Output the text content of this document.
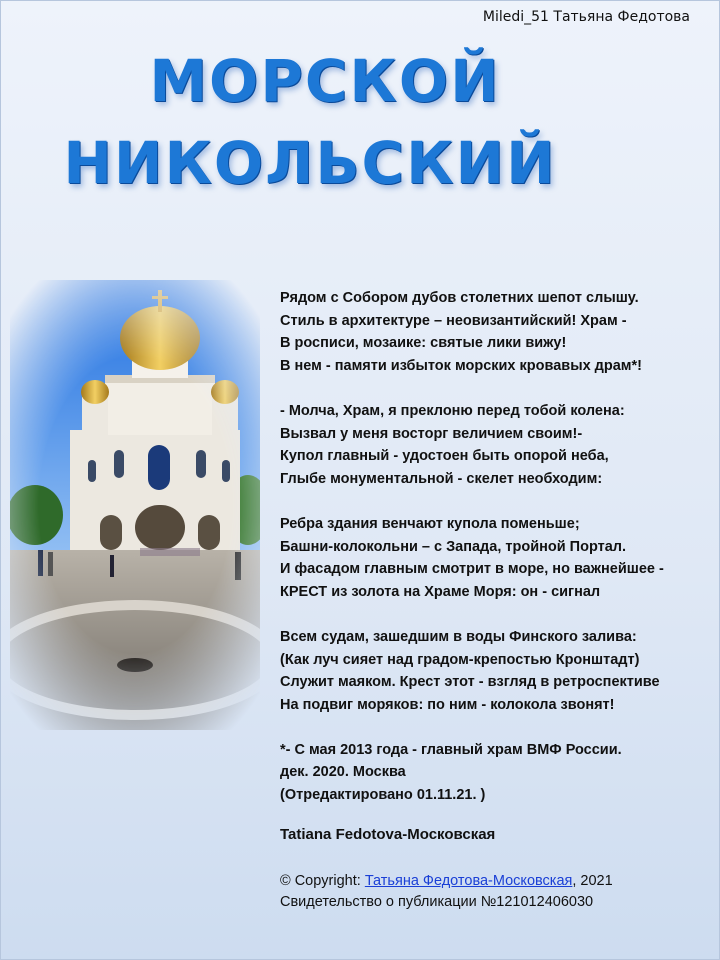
Miledi_51 Татьяна Федотова
МОРСКОЙ
НИКОЛЬСКИЙ
Рядом с Собором дубов столетних шепот слышу.
Стиль в архитектуре – неовизантийский! Храм -
В росписи, мозаике: святые лики вижу!
В нем - памяти избыток морских кровавых драм*!
- Молча, Храм, я преклоню перед тобой колена:
Вызвал у меня восторг величием своим!-
Купол главный - удостоен быть опорой неба,
Глыбе монументальной - скелет необходим:
Ребра здания венчают купола поменьше;
Башни-колокольни – с Запада, тройной Портал.
И фасадом главным смотрит в море, но важнейшее -
КРЕСТ из золота на Храме Моря: он - сигнал
Всем судам, зашедшим в воды Финского залива:
(Как луч сияет над градом-крепостью Кронштадт)
Служит маяком. Крест этот - взгляд в ретроспективе
На подвиг моряков: по ним - колокола звонят!
*- С мая 2013 года - главный храм ВМФ России.
дек. 2020. Москва
(Отредактировано 01.11.21. )
Tatiana Fedotova-Московская
© Copyright: Татьяна Федотова-Московская, 2021
Свидетельство о публикации №121012406030
